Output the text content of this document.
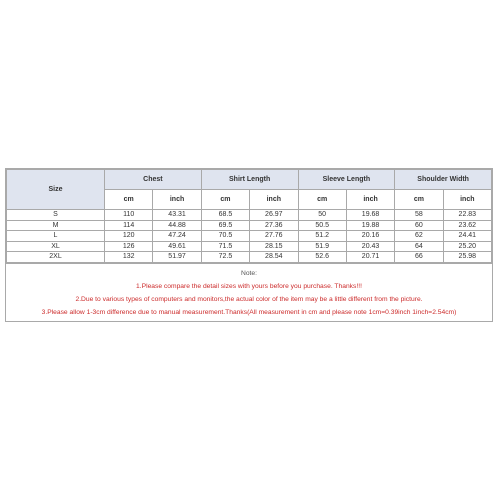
Size	Chest		Shirt Length		Sleeve Length		Shoulder Width	
	cm	inch	cm	inch	cm	inch	cm	inch
S	110	43.31	68.5	26.97	50	19.68	58	22.83
M	114	44.88	69.5	27.36	50.5	19.88	60	23.62
L	120	47.24	70.5	27.76	51.2	20.16	62	24.41
XL	126	49.61	71.5	28.15	51.9	20.43	64	25.20
2XL	132	51.97	72.5	28.54	52.6	20.71	66	25.98
Note:
1.Please compare the detail sizes with yours before you purchase. Thanks!!!
2.Due to various types of computers and monitors,the actual color of the item may be a little different from the picture.
3.Please allow 1-3cm difference due to manual measurement.Thanks(All measurement in cm and please note 1cm=0.39inch 1inch=2.54cm)
